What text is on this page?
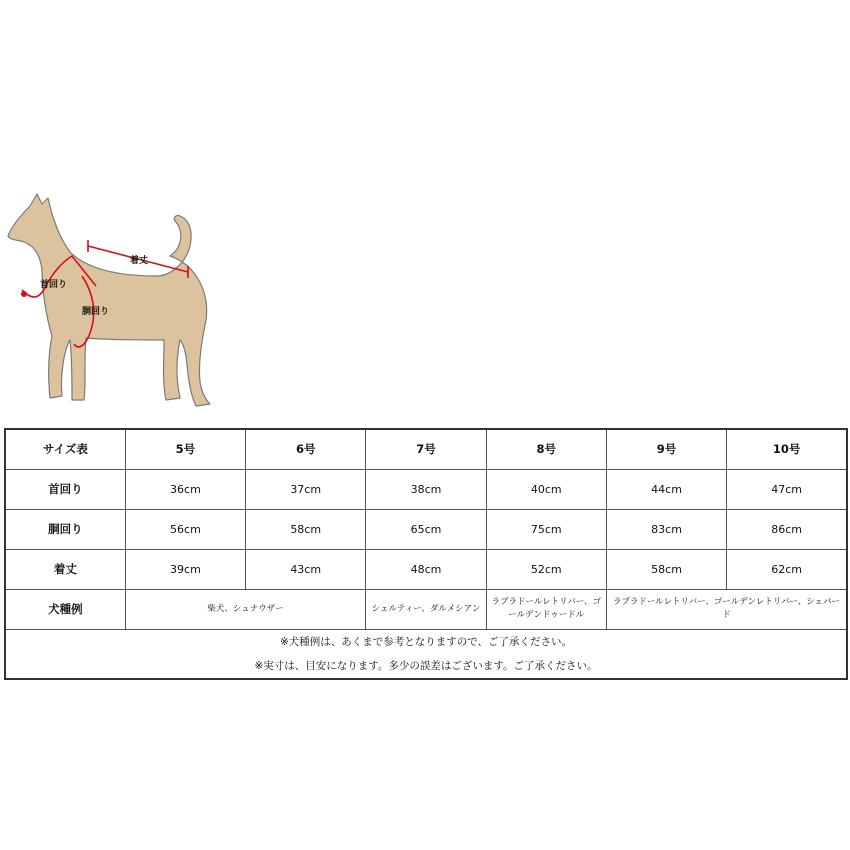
着丈
首回り
胴回り
サイズ表	5号	6号	7号	8号	9号	10号
首回り	36cm	37cm	38cm	40cm	44cm	47cm
胴回り	56cm	58cm	65cm	75cm	83cm	86cm
着丈	39cm	43cm	48cm	52cm	58cm	62cm
犬種例	柴犬、シュナウザー		シェルティー、ダルメシアン	ラブラドールレトリバー、ゴールデンドゥードル	ラブラドールレトリバー、ゴールデンレトリバー、シェパード	
※犬種例は、あくまで参考となりますので、ご了承ください。						
※実寸は、目安になります。多少の誤差はございます。ご了承ください。						
